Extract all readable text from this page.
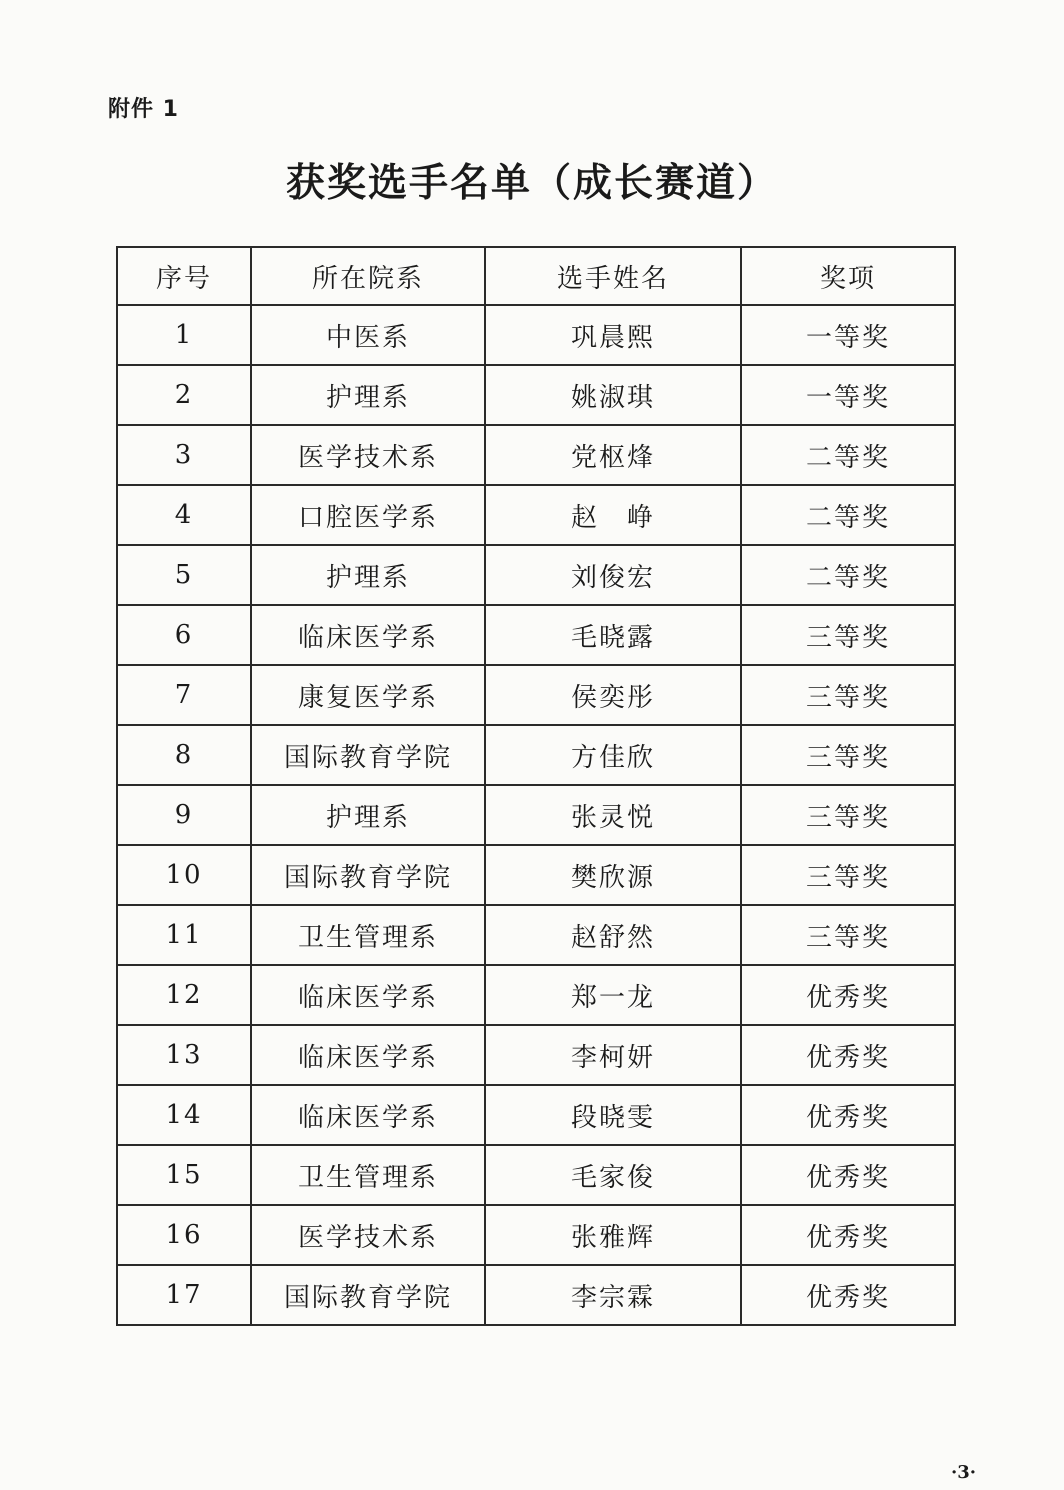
附件 1
获奖选手名单（成长赛道）
序号	所在院系	选手姓名	奖项
1	中医系	巩晨熙	一等奖
2	护理系	姚淑琪	一等奖
3	医学技术系	党枢烽	二等奖
4	口腔医学系	赵　峥	二等奖
5	护理系	刘俊宏	二等奖
6	临床医学系	毛晓露	三等奖
7	康复医学系	侯奕彤	三等奖
8	国际教育学院	方佳欣	三等奖
9	护理系	张灵悦	三等奖
10	国际教育学院	樊欣源	三等奖
11	卫生管理系	赵舒然	三等奖
12	临床医学系	郑一龙	优秀奖
13	临床医学系	李柯妍	优秀奖
14	临床医学系	段晓雯	优秀奖
15	卫生管理系	毛家俊	优秀奖
16	医学技术系	张雅辉	优秀奖
17	国际教育学院	李宗霖	优秀奖
·3·
